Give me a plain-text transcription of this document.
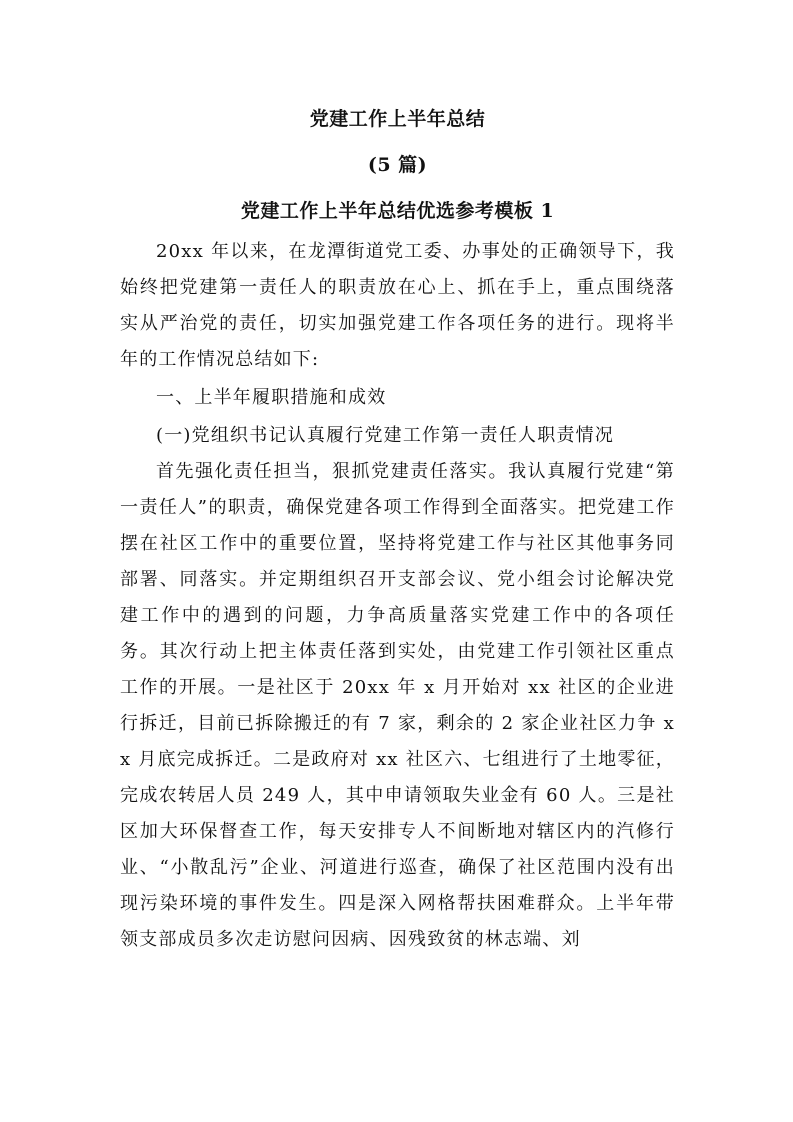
党建工作上半年总结
(5 篇)
党建工作上半年总结优选参考模板 1

20xx 年以来，在龙潭街道党工委、办事处的正确领导下，我始终把党建第一责任人的职责放在心上、抓在手上，重点围绕落实从严治党的责任，切实加强党建工作各项任务的进行。现将半年的工作情况总结如下:

一、上半年履职措施和成效

(一)党组织书记认真履行党建工作第一责任人职责情况

首先强化责任担当，狠抓党建责任落实。我认真履行党建“第一责任人”的职责，确保党建各项工作得到全面落实。把党建工作摆在社区工作中的重要位置，坚持将党建工作与社区其他事务同部署、同落实。并定期组织召开支部会议、党小组会讨论解决党建工作中的遇到的问题，力争高质量落实党建工作中的各项任务。其次行动上把主体责任落到实处，由党建工作引领社区重点工作的开展。一是社区于 20xx 年 x 月开始对 xx 社区的企业进行拆迁，目前已拆除搬迁的有 7 家，剩余的 2 家企业社区力争 xx 月底完成拆迁。二是政府对 xx 社区六、七组进行了土地零征，完成农转居人员 249 人，其中申请领取失业金有 60 人。三是社区加大环保督查工作，每天安排专人不间断地对辖区内的汽修行业、“小散乱污”企业、河道进行巡查，确保了社区范围内没有出现污染环境的事件发生。四是深入网格帮扶困难群众。上半年带领支部成员多次走访慰问因病、因残致贫的林志端、刘
